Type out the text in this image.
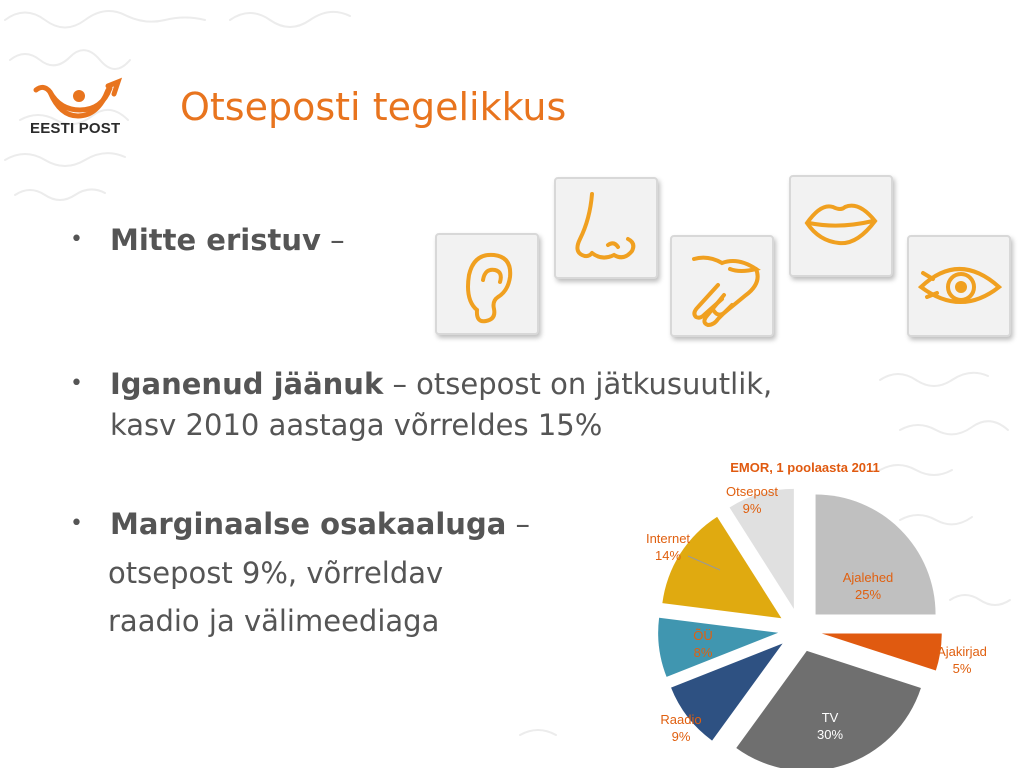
EESTI POST Otseposti tegelikkus
• Mitte eristuv –
• Iganenud jäänuk – otsepost on jätkusuutlik,
kasv 2010 aastaga võrreldes 15%
• Marginaalse osakaaluga –
otsepost 9%, võrreldav
raadio ja välimeediaga
EMOR, 1 poolaasta 2011
Ajalehed
25%
Ajakirjad
5%
TV
30%
Raadio
9%
ÕÜ
8%
Internet
14%
Otsepost
9%
